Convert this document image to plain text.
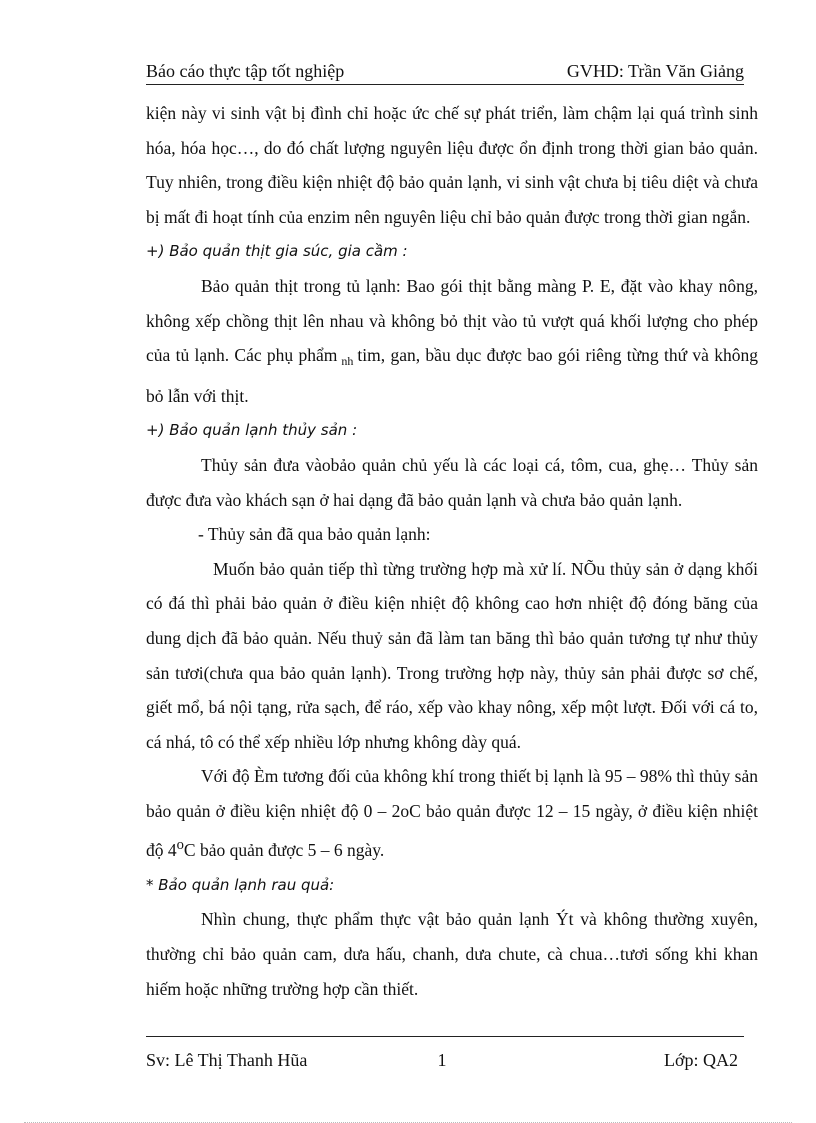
Báo cáo thực tập tốt nghiệp	GVHD: Trần Văn Giảng

kiện này vi sinh vật bị đình chỉ hoặc ức chế sự phát triển, làm chậm lại quá trình sinh hóa, hóa học…, do đó chất lượng nguyên liệu được ổn định trong thời gian bảo quản. Tuy nhiên, trong điều kiện nhiệt độ bảo quản lạnh, vi sinh vật chưa bị tiêu diệt và chưa bị mất đi hoạt tính của enzim nên nguyên liệu chỉ bảo quản được trong thời gian ngắn.

+) Bảo quản thịt gia súc, gia cầm :

Bảo quản thịt trong tủ lạnh: Bao gói thịt bằng màng P. E, đặt vào khay nông, không xếp chồng thịt lên nhau và không bỏ thịt vào tủ vượt quá khối lượng cho phép của tủ lạnh. Các phụ phẩm $_{nh}$ tim, gan, bầu dục được bao gói riêng từng thứ và không bỏ lẫn với thịt.

+) Bảo quản lạnh thủy sản :

Thủy sản đưa vàobảo quản chủ yếu là các loại cá, tôm, cua, ghẹ… Thủy sản được đưa vào khách sạn ở hai dạng đã bảo quản lạnh và chưa bảo quản lạnh.

- Thủy sản đã qua bảo quản lạnh:

Muốn bảo quản tiếp thì từng trường hợp mà xử lí. NÕu thủy sản ở dạng khối có đá thì phải bảo quản ở điều kiện nhiệt độ không cao hơn nhiệt độ đóng băng của dung dịch đã bảo quản. Nếu thuỷ sản đã làm tan băng thì bảo quản tương tự như thủy sản tươi(chưa qua bảo quản lạnh). Trong trường hợp này, thủy sản phải được sơ chế, giết mổ, bá nội tạng, rửa sạch, để ráo, xếp vào khay nông, xếp một lượt. Đối với cá to, cá nhá, tô có thể xếp nhiều lớp nhưng không dày quá.

Với độ Èm tương đối của không khí trong thiết bị lạnh là 95 – 98% thì thủy sản bảo quản ở điều kiện nhiệt độ 0 – 2oC bảo quản được 12 – 15 ngày, ở điều kiện nhiệt độ 4$^o$C bảo quản được 5 – 6 ngày.

* Bảo quản lạnh rau quả:

Nhìn chung, thực phẩm thực vật bảo quản lạnh Ýt và không thường xuyên, thường chỉ bảo quản cam, dưa hấu, chanh, dưa chute, cà chua…tươi sống khi khan hiếm hoặc những trường hợp cần thiết.

Sv: Lê Thị Thanh Hũa	1	Lớp: QA2
